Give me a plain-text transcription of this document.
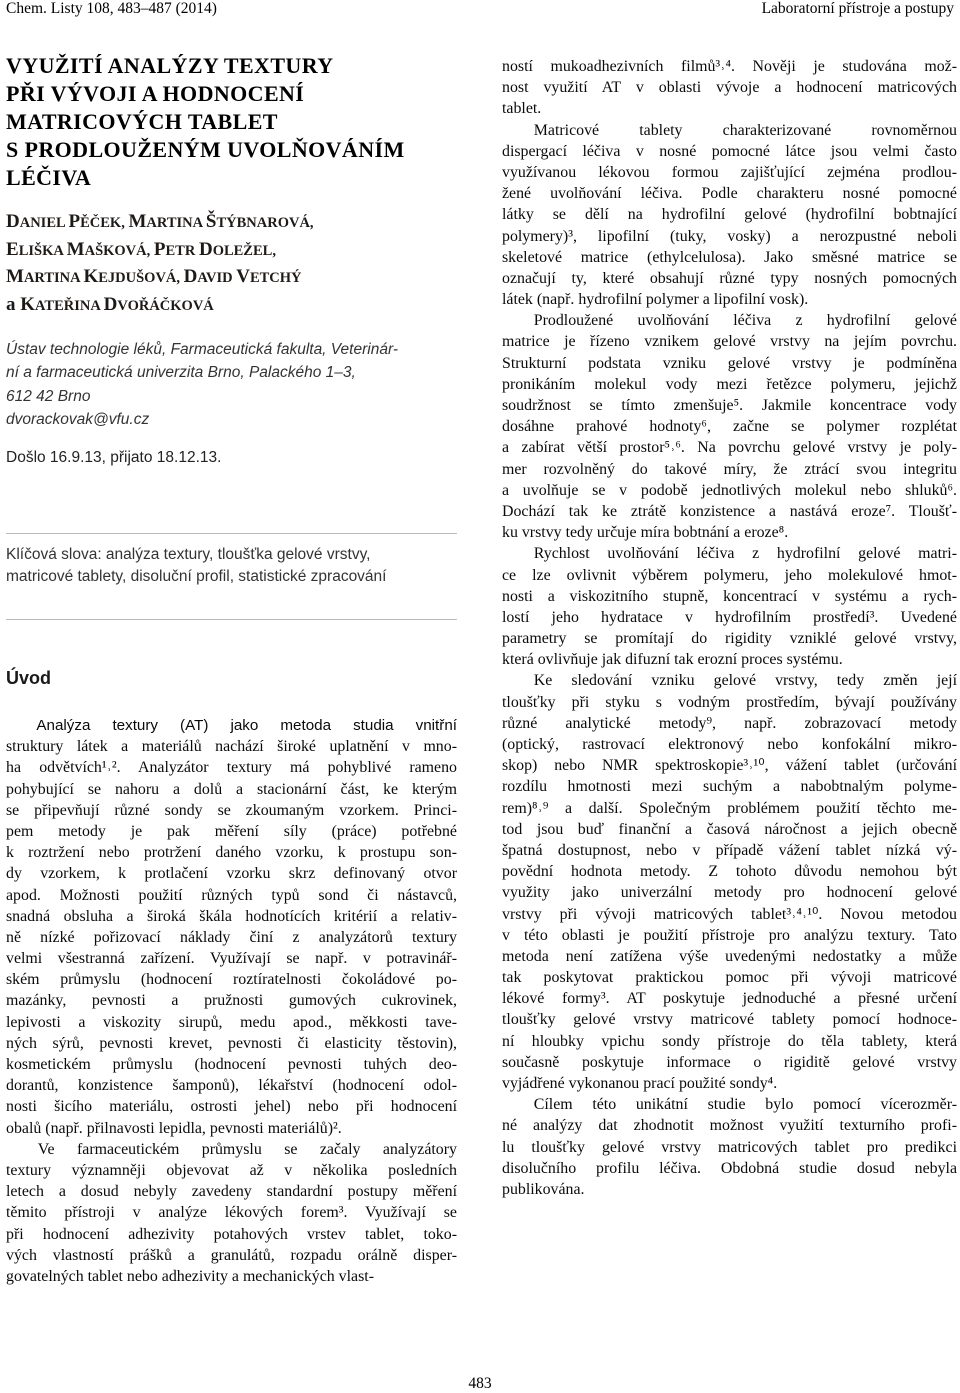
Chem. Listy 108, 483–487 (2014)	Laboratorní přístroje a postupy
VYUŽITÍ ANALÝZY TEXTURY
PŘI VÝVOJI A HODNOCENÍ
MATRICOVÝCH TABLET
S PRODLOUŽENÝM UVOLŇOVÁNÍM
LÉČIVA
DANIEL PĚČEK, MARTINA ŠTÝBNAROVÁ,
ELIŠKA MAŠKOVÁ, PETR DOLEŽEL,
MARTINA KEJDUŠOVÁ, DAVID VETCHÝ
a KATEŘINA DVOŘÁČKOVÁ
Ústav technologie léků, Farmaceutická fakulta, Veterinár-
ní a farmaceutická univerzita Brno, Palackého 1–3,
612 42 Brno
dvorackovak@vfu.cz
Došlo 16.9.13, přijato 18.12.13.
Klíčová slova: analýza textury, tloušťka gelové vrstvy,
matricové tablety, disoluční profil, statistické zpracování
Úvod
  Analýza textury (AT) jako metoda studia vnitřní
struktury látek a materiálů nachází široké uplatnění v mno-
ha odvětvích¹˒². Analyzátor textury má pohyblivé rameno
pohybující se nahoru a dolů a stacionární část, ke kterým
se připevňují různé sondy se zkoumaným vzorkem. Princi-
pem metody je pak měření síly (práce) potřebné
k roztržení nebo protržení daného vzorku, k prostupu son-
dy vzorkem, k protlačení vzorku skrz definovaný otvor
apod. Možnosti použití různých typů sond či nástavců,
snadná obsluha a široká škála hodnotících kritérií a relativ-
ně nízké pořizovací náklady činí z analyzátorů textury
velmi všestranná zařízení. Využívají se např. v potravinář-
ském průmyslu (hodnocení roztíratelnosti čokoládové po-
mazánky, pevnosti a pružnosti gumových cukrovinek,
lepivosti a viskozity sirupů, medu apod., měkkosti tave-
ných sýrů, pevnosti krevet, pevnosti či elasticity těstovin),
kosmetickém průmyslu (hodnocení pevnosti tuhých deo-
dorantů, konzistence šamponů), lékařství (hodnocení odol-
nosti šicího materiálu, ostrosti jehel) nebo při hodnocení
obalů (např. přilnavosti lepidla, pevnosti materiálů)².
  Ve farmaceutickém průmyslu se začaly analyzátory
textury významněji objevovat až v několika posledních
letech a dosud nebyly zavedeny standardní postupy měření
těmito přístroji v analýze lékových forem³. Využívají se
při hodnocení adhezivity potahových vrstev tablet, toko-
vých vlastností prášků a granulátů, rozpadu orálně disper-
govatelných tablet nebo adhezivity a mechanických vlast-
ností mukoadhezivních filmů³˒⁴. Nověji je studována mož-
nost využití AT v oblasti vývoje a hodnocení matricových
tablet.
  Matricové tablety charakterizované rovnoměrnou
dispergací léčiva v nosné pomocné látce jsou velmi často
využívanou lékovou formou zajišťující zejména prodlou-
žené uvolňování léčiva. Podle charakteru nosné pomocné
látky se dělí na hydrofilní gelové (hydrofilní bobtnající
polymery)³, lipofilní (tuky, vosky) a nerozpustné neboli
skeletové matrice (ethylcelulosa). Jako směsné matrice se
označují ty, které obsahují různé typy nosných pomocných
látek (např. hydrofilní polymer a lipofilní vosk).
  Prodloužené uvolňování léčiva z hydrofilní gelové
matrice je řízeno vznikem gelové vrstvy na jejím povrchu.
Strukturní podstata vzniku gelové vrstvy je podmíněna
pronikáním molekul vody mezi řetězce polymeru, jejichž
soudržnost se tímto zmenšuje⁵. Jakmile koncentrace vody
dosáhne prahové hodnoty⁶, začne se polymer rozplétat
a zabírat větší prostor⁵˒⁶. Na povrchu gelové vrstvy je poly-
mer rozvolněný do takové míry, že ztrácí svou integritu
a uvolňuje se v podobě jednotlivých molekul nebo shluků⁶.
Dochází tak ke ztrátě konzistence a nastává eroze⁷. Tloušť-
ku vrstvy tedy určuje míra bobtnání a eroze⁸.
  Rychlost uvolňování léčiva z hydrofilní gelové matri-
ce lze ovlivnit výběrem polymeru, jeho molekulové hmot-
nosti a viskozitního stupně, koncentrací v systému a rych-
lostí jeho hydratace v hydrofilním prostředí³. Uvedené
parametry se promítají do rigidity vzniklé gelové vrstvy,
která ovlivňuje jak difuzní tak erozní proces systému.
  Ke sledování vzniku gelové vrstvy, tedy změn její
tloušťky při styku s vodným prostředím, bývají používány
různé analytické metody⁹, např. zobrazovací metody
(optický, rastrovací elektronový nebo konfokální mikro-
skop) nebo NMR spektroskopie³˒¹⁰, vážení tablet (určování
rozdílu hmotnosti mezi suchým a nabobtnalým polyme-
rem)⁸˒⁹ a další. Společným problémem použití těchto me-
tod jsou buď finanční a časová náročnost a jejich obecně
špatná dostupnost, nebo v případě vážení tablet nízká vý-
povědní hodnota metody. Z tohoto důvodu nemohou být
využity jako univerzální metody pro hodnocení gelové
vrstvy při vývoji matricových tablet³˒⁴˒¹⁰. Novou metodou
v této oblasti je použití přístroje pro analýzu textury. Tato
metoda není zatížena výše uvedenými nedostatky a může
tak poskytovat praktickou pomoc při vývoji matricové
lékové formy³. AT poskytuje jednoduché a přesné určení
tloušťky gelové vrstvy matricové tablety pomocí hodnoce-
ní hloubky vpichu sondy přístroje do těla tablety, která
současně poskytuje informace o rigiditě gelové vrstvy
vyjádřené vykonanou prací použité sondy⁴.
  Cílem této unikátní studie bylo pomocí vícerozměr-
né analýzy dat zhodnotit možnost využití texturního profi-
lu tloušťky gelové vrstvy matricových tablet pro predikci
disolučního profilu léčiva. Obdobná studie dosud nebyla
publikována.
483
